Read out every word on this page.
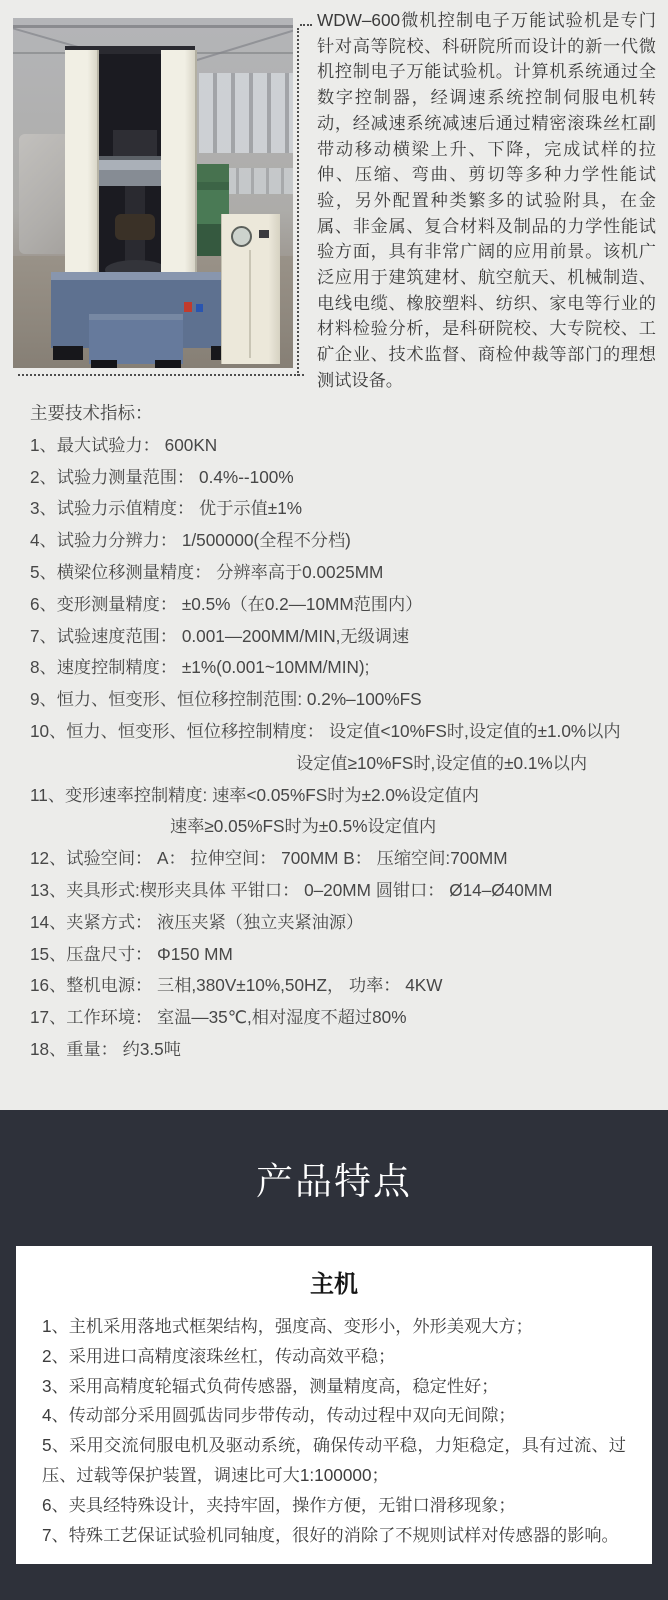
WDW–600微机控制电子万能试验机是专门针对高等院校、科研院所而设计的新一代微机控制电子万能试验机。计算机系统通过全数字控制器，经调速系统控制伺服电机转动，经减速系统减速后通过精密滚珠丝杠副带动移动横梁上升、下降，完成试样的拉伸、压缩、弯曲、剪切等多种力学性能试验，另外配置种类繁多的试验附具，在金属、非金属、复合材料及制品的力学性能试验方面，具有非常广阔的应用前景。该机广泛应用于建筑建材、航空航天、机械制造、电线电缆、橡胶塑料、纺织、家电等行业的材料检验分析，是科研院校、大专院校、工矿企业、技术监督、商检仲裁等部门的理想测试设备。
主要技术指标：
1、最大试验力： 600KN
2、试验力测量范围： 0.4%--100%
3、试验力示值精度： 优于示值±1%
4、试验力分辨力： 1/500000(全程不分档)
5、横梁位移测量精度： 分辨率高于0.0025MM
6、变形测量精度： ±0.5%（在0.2—10MM范围内）
7、试验速度范围： 0.001—200MM/MIN,无级调速
8、速度控制精度： ±1%(0.001~10MM/MIN);
9、恒力、恒变形、恒位移控制范围: 0.2%–100%FS
10、恒力、恒变形、恒位移控制精度： 设定值<10%FS时,设定值的±1.0%以内
设定值≥10%FS时,设定值的±0.1%以内
11、变形速率控制精度: 速率<0.05%FS时为±2.0%设定值内
速率≥0.05%FS时为±0.5%设定值内
12、试验空间： A： 拉伸空间： 700MM B： 压缩空间:700MM
13、夹具形式:楔形夹具体 平钳口： 0–20MM 圆钳口： Ø14–Ø40MM
14、夹紧方式： 液压夹紧（独立夹紧油源）
15、压盘尺寸： Φ150 MM
16、整机电源： 三相,380V±10%,50HZ， 功率： 4KW
17、工作环境： 室温—35℃,相对湿度不超过80%
18、重量： 约3.5吨
产品特点
主机
1、主机采用落地式框架结构，强度高、变形小，外形美观大方；
2、采用进口高精度滚珠丝杠，传动高效平稳；
3、采用高精度轮辐式负荷传感器，测量精度高，稳定性好；
4、传动部分采用圆弧齿同步带传动，传动过程中双向无间隙；
5、采用交流伺服电机及驱动系统，确保传动平稳，力矩稳定，具有过流、过压、过载等保护装置，调速比可大1:100000；
6、夹具经特殊设计，夹持牢固，操作方便，无钳口滑移现象；
7、特殊工艺保证试验机同轴度，很好的消除了不规则试样对传感器的影响。
